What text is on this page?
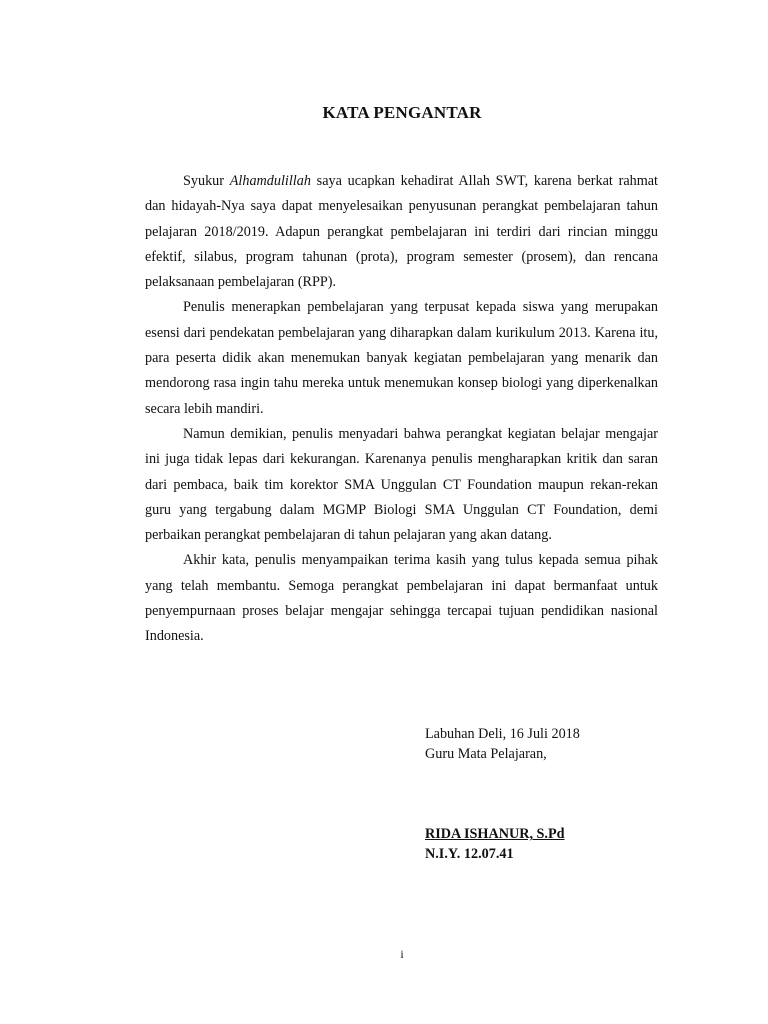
KATA PENGANTAR

Syukur Alhamdulillah saya ucapkan kehadirat Allah SWT, karena berkat rahmat dan hidayah-Nya saya dapat menyelesaikan penyusunan perangkat pembelajaran tahun pelajaran 2018/2019. Adapun perangkat pembelajaran ini terdiri dari rincian minggu efektif, silabus, program tahunan (prota), program semester (prosem), dan rencana pelaksanaan pembelajaran (RPP).

Penulis menerapkan pembelajaran yang terpusat kepada siswa yang merupakan esensi dari pendekatan pembelajaran yang diharapkan dalam kurikulum 2013. Karena itu, para peserta didik akan menemukan banyak kegiatan pembelajaran yang menarik dan mendorong rasa ingin tahu mereka untuk menemukan konsep biologi yang diperkenalkan secara lebih mandiri.

Namun demikian, penulis menyadari bahwa perangkat kegiatan belajar mengajar ini juga tidak lepas dari kekurangan. Karenanya penulis mengharapkan kritik dan saran dari pembaca, baik tim korektor SMA Unggulan CT Foundation maupun rekan-rekan guru yang tergabung dalam MGMP Biologi SMA Unggulan CT Foundation, demi perbaikan perangkat pembelajaran di tahun pelajaran yang akan datang.

Akhir kata, penulis menyampaikan terima kasih yang tulus kepada semua pihak yang telah membantu. Semoga perangkat pembelajaran ini dapat bermanfaat untuk penyempurnaan proses belajar mengajar sehingga tercapai tujuan pendidikan nasional Indonesia.

Labuhan Deli, 16 Juli 2018
Guru Mata Pelajaran,
RIDA ISHANUR, S.Pd
N.I.Y. 12.07.41
i
